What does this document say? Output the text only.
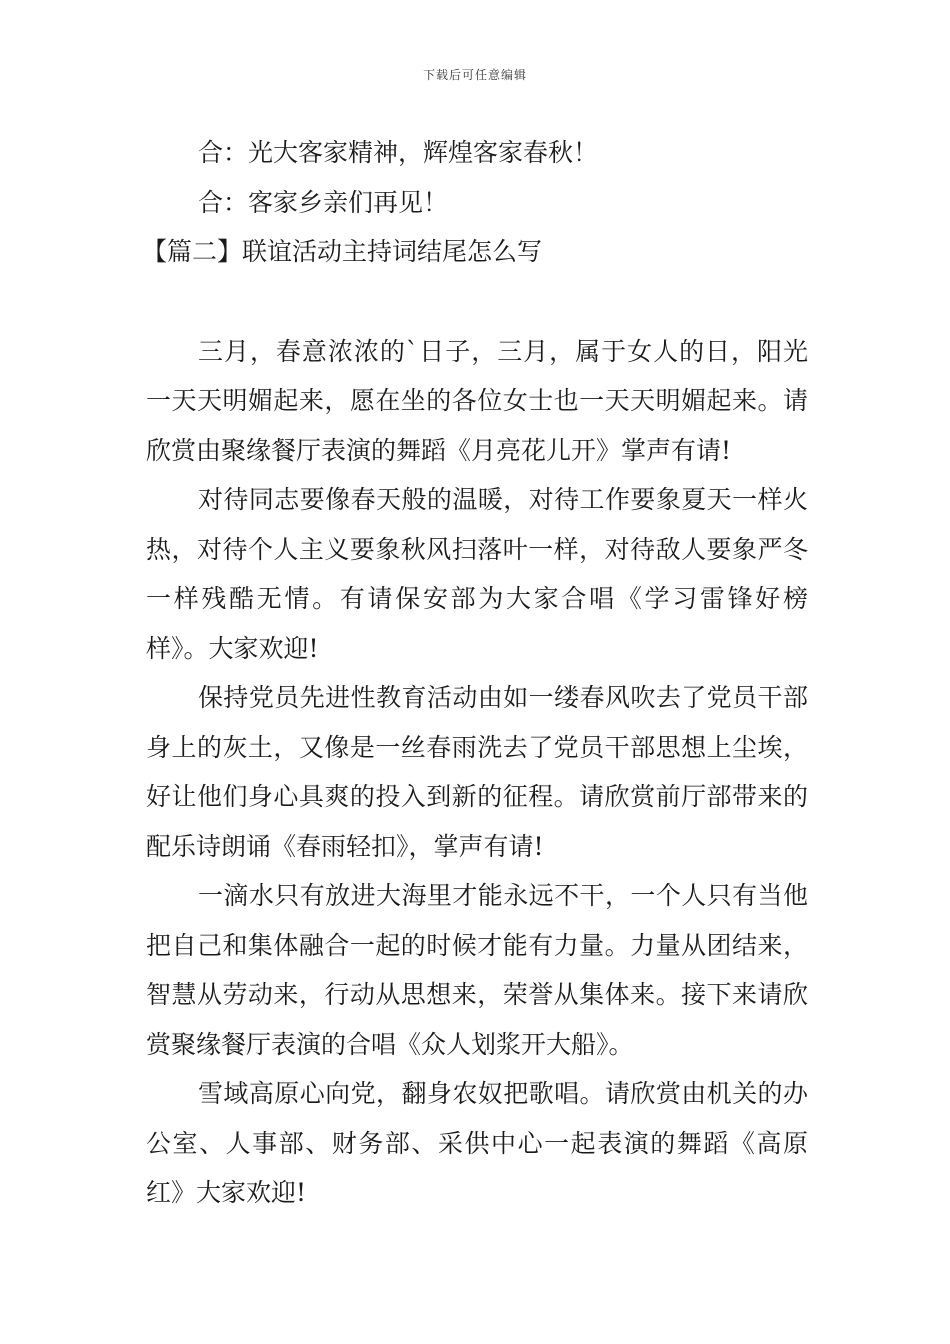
下载后可任意编辑

合：光大客家精神，辉煌客家春秋！

合：客家乡亲们再见！

【篇二】联谊活动主持词结尾怎么写

三月，春意浓浓的`日子，三月，属于女人的日，阳光一天天明媚起来，愿在坐的各位女士也一天天明媚起来。请欣赏由聚缘餐厅表演的舞蹈《月亮花儿开》掌声有请!

对待同志要像春天般的温暖，对待工作要象夏天一样火热，对待个人主义要象秋风扫落叶一样，对待敌人要象严冬一样残酷无情。有请保安部为大家合唱《学习雷锋好榜样》。大家欢迎!

保持党员先进性教育活动由如一缕春风吹去了党员干部身上的灰土，又像是一丝春雨洗去了党员干部思想上尘埃，好让他们身心具爽的投入到新的征程。请欣赏前厅部带来的配乐诗朗诵《春雨轻扣》，掌声有请!

一滴水只有放进大海里才能永远不干，一个人只有当他把自己和集体融合一起的时候才能有力量。力量从团结来，智慧从劳动来，行动从思想来，荣誉从集体来。接下来请欣赏聚缘餐厅表演的合唱《众人划浆开大船》。

雪域高原心向党，翻身农奴把歌唱。请欣赏由机关的办公室、人事部、财务部、采供中心一起表演的舞蹈《高原红》大家欢迎!
